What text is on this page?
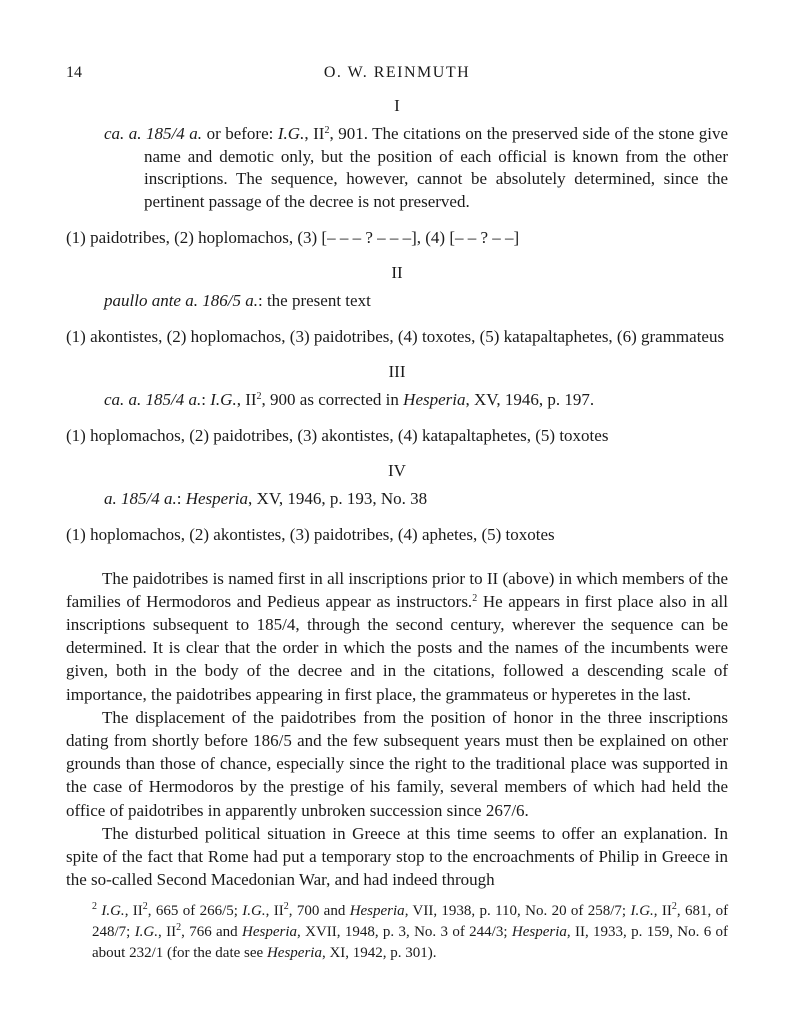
14	O. W. REINMUTH
I
ca. a. 185/4 a. or before: I.G., $II^2$, 901. The citations on the preserved side of the stone give name and demotic only, but the position of each official is known from the other inscriptions. The sequence, however, cannot be absolutely determined, since the pertinent passage of the decree is not preserved.
(1) paidotribes, (2) hoplomachos, (3) [– – – ? – – –], (4) [– – ? – –]
II
paullo ante a. 186/5 a.: the present text
(1) akontistes, (2) hoplomachos, (3) paidotribes, (4) toxotes, (5) katapaltaphetes, (6) grammateus
III
ca. a. 185/4 a.: I.G., $II^2$, 900 as corrected in Hesperia, XV, 1946, p. 197.
(1) hoplomachos, (2) paidotribes, (3) akontistes, (4) katapaltaphetes, (5) toxotes
IV
a. 185/4 a.: Hesperia, XV, 1946, p. 193, No. 38
(1) hoplomachos, (2) akontistes, (3) paidotribes, (4) aphetes, (5) toxotes

The paidotribes is named first in all inscriptions prior to II (above) in which members of the families of Hermodoros and Pedieus appear as instructors.$^2$ He appears in first place also in all inscriptions subsequent to 185/4, through the second century, wherever the sequence can be determined. It is clear that the order in which the posts and the names of the incumbents were given, both in the body of the decree and in the citations, followed a descending scale of importance, the paidotribes appearing in first place, the grammateus or hyperetes in the last.

The displacement of the paidotribes from the position of honor in the three inscriptions dating from shortly before 186/5 and the few subsequent years must then be explained on other grounds than those of chance, especially since the right to the traditional place was supported in the case of Hermodoros by the prestige of his family, several members of which had held the office of paidotribes in apparently unbroken succession since 267/6.

The disturbed political situation in Greece at this time seems to offer an explanation. In spite of the fact that Rome had put a temporary stop to the encroachments of Philip in Greece in the so-called Second Macedonian War, and had indeed through

$^2$ I.G., $II^2$, 665 of 266/5; I.G., $II^2$, 700 and Hesperia, VII, 1938, p. 110, No. 20 of 258/7; I.G., $II^2$, 681, of 248/7; I.G., $II^2$, 766 and Hesperia, XVII, 1948, p. 3, No. 3 of 244/3; Hesperia, II, 1933, p. 159, No. 6 of about 232/1 (for the date see Hesperia, XI, 1942, p. 301).
